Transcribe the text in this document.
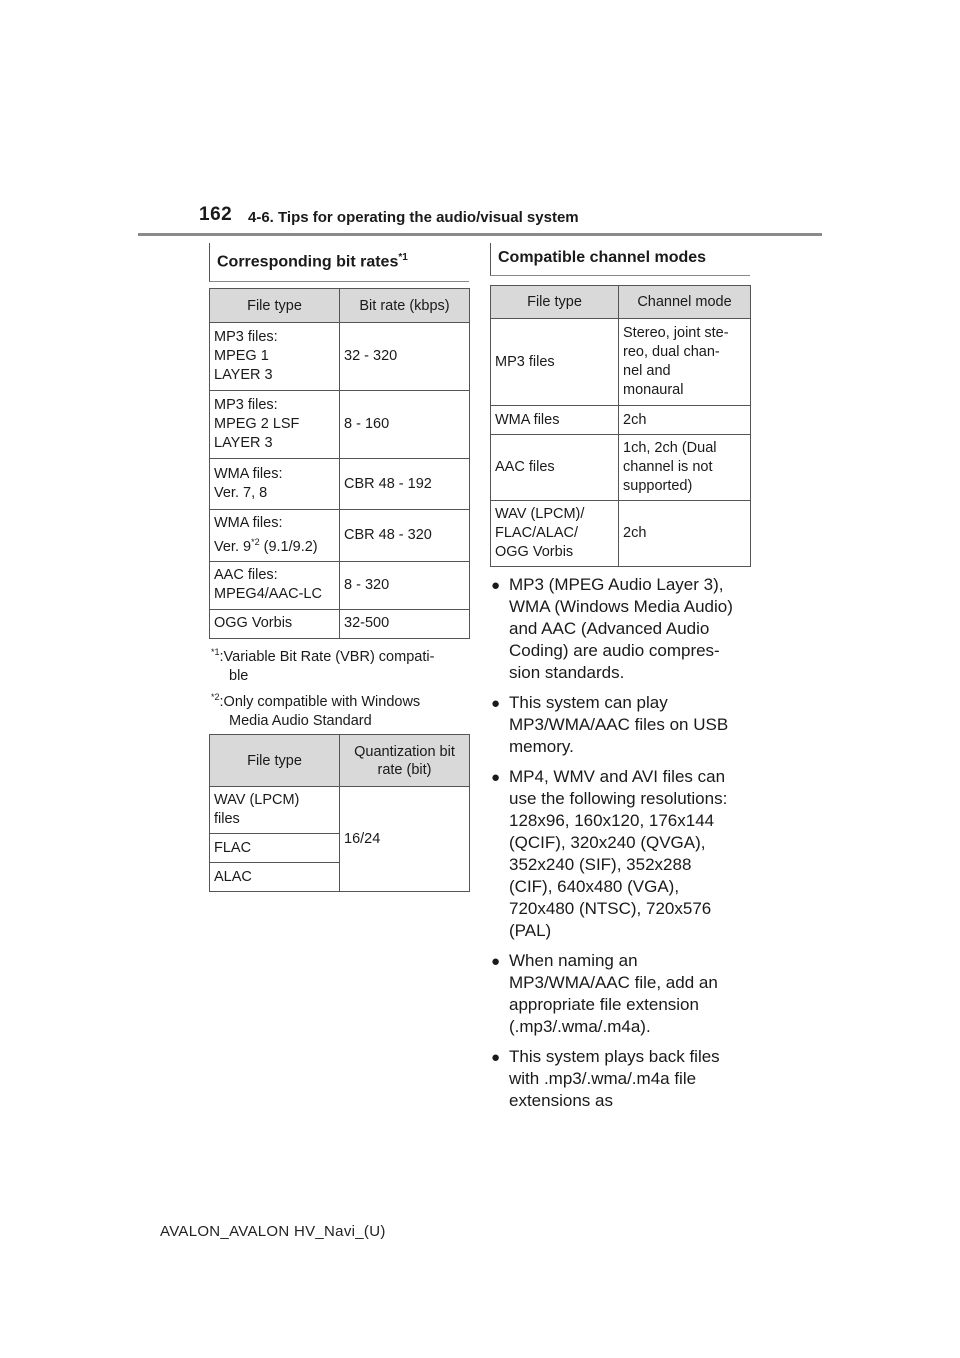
162 4-6. Tips for operating the audio/visual system
Corresponding bit rates$^{*1}$
File type	Bit rate (kbps)
MP3 files:
MPEG 1
LAYER 3	32 - 320
MP3 files:
MPEG 2 LSF
LAYER 3	8 - 160
WMA files:
Ver. 7, 8	CBR 48 - 192
WMA files:
Ver. 9$^{*2}$ (9.1/9.2)	CBR 48 - 320
AAC files:
MPEG4/AAC-LC	8 - 320
OGG Vorbis	32-500
$^{*1}$:Variable Bit Rate (VBR) compati-
ble
$^{*2}$:Only compatible with Windows
Media Audio Standard
File type	Quantization bit
rate (bit)
WAV (LPCM)
files	16/24
FLAC	
ALAC	
Compatible channel modes
File type	Channel mode
MP3 files	Stereo, joint ste-
reo, dual chan-
nel and
monaural
WMA files	2ch
AAC files	1ch, 2ch (Dual
channel is not
supported)
WAV (LPCM)/
FLAC/ALAC/
OGG Vorbis	2ch
● MP3 (MPEG Audio Layer 3),
WMA (Windows Media Audio)
and AAC (Advanced Audio
Coding) are audio compres-
sion standards.
● This system can play
MP3/WMA/AAC files on USB
memory.
● MP4, WMV and AVI files can
use the following resolutions:
128x96, 160x120, 176x144
(QCIF), 320x240 (QVGA),
352x240 (SIF), 352x288
(CIF), 640x480 (VGA),
720x480 (NTSC), 720x576
(PAL)
● When naming an
MP3/WMA/AAC file, add an
appropriate file extension
(.mp3/.wma/.m4a).
● This system plays back files
with .mp3/.wma/.m4a file
extensions as
AVALON_AVALON HV_Navi_(U)
